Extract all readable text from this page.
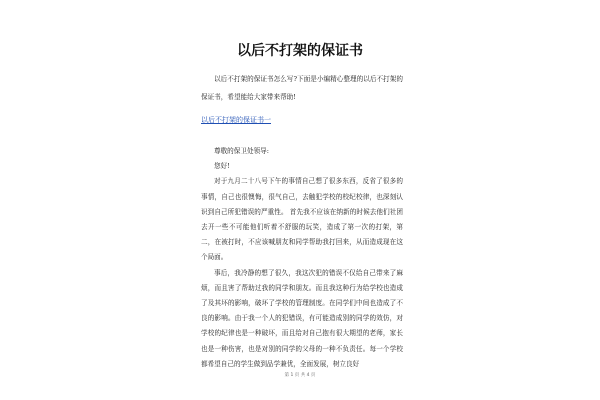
以后不打架的保证书
以后不打架的保证书怎么写?下面是小编精心整理的以后不打架的保证书，希望能给大家带来帮助!
以后不打架的保证书一

尊敬的保卫处领导:

您好!

对于九月二十八号下午的事情自己想了很多东西，反省了很多的事情，自己也很懊悔，很气自己，去触犯学校的校纪校律，也深刻认识到自己所犯错误的严重性。 首先我不应该在纳新的时候去他们社团去开一些不可能他们听着不舒服的玩笑，造成了第一次的打架，第二，在被打时，不应该喊朋友和同学帮助我打回来，从而造成现在这个局面。

事后，我冷静的想了很久，我这次犯的错误不仅给自己带来了麻烦，而且害了帮助过我的同学和朋友。而且我这种行为给学校也造成了及其坏的影响，破坏了学校的管理制度。在同学们中间也造成了不良的影响。由于我一个人的犯错误，有可能造成别的同学的效仿，对学校的纪律也是一种破坏，而且给对自己抱有很大期望的老师，家长也是一种伤害，也是对别的同学的父母的一种不负责任。每一个学校都希望自己的学生做到品学兼优，全面发展，树立良好

第 1 页 共 4 页
